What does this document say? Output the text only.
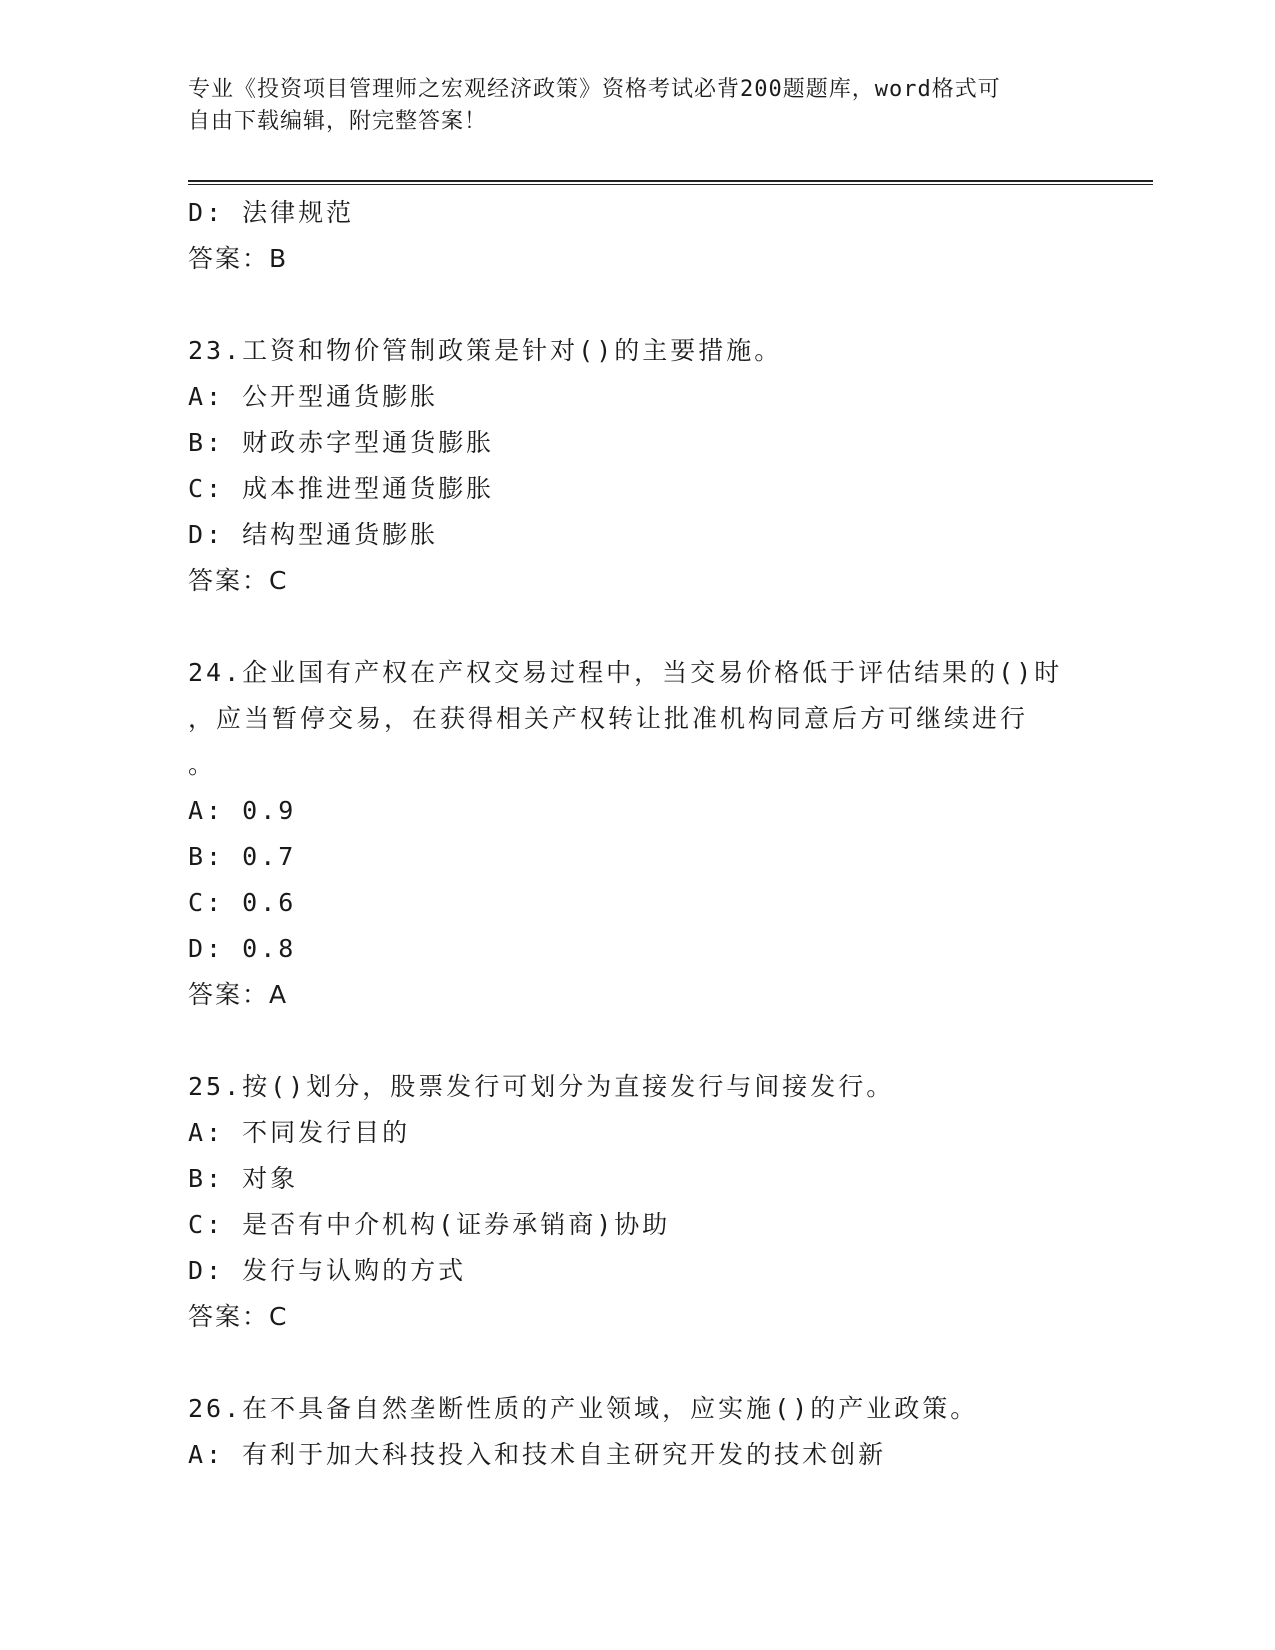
专业《投资项目管理师之宏观经济政策》资格考试必背200题题库，word格式可
自由下载编辑，附完整答案！
D: 法律规范
答案：B
23.工资和物价管制政策是针对()的主要措施。
A: 公开型通货膨胀
B: 财政赤字型通货膨胀
C: 成本推进型通货膨胀
D: 结构型通货膨胀
答案：C
24.企业国有产权在产权交易过程中，当交易价格低于评估结果的()时
，应当暂停交易，在获得相关产权转让批准机构同意后方可继续进行
。
A: 0.9
B: 0.7
C: 0.6
D: 0.8
答案：A
25.按()划分，股票发行可划分为直接发行与间接发行。
A: 不同发行目的
B: 对象
C: 是否有中介机构(证券承销商)协助
D: 发行与认购的方式
答案：C
26.在不具备自然垄断性质的产业领域，应实施()的产业政策。
A: 有利于加大科技投入和技术自主研究开发的技术创新
